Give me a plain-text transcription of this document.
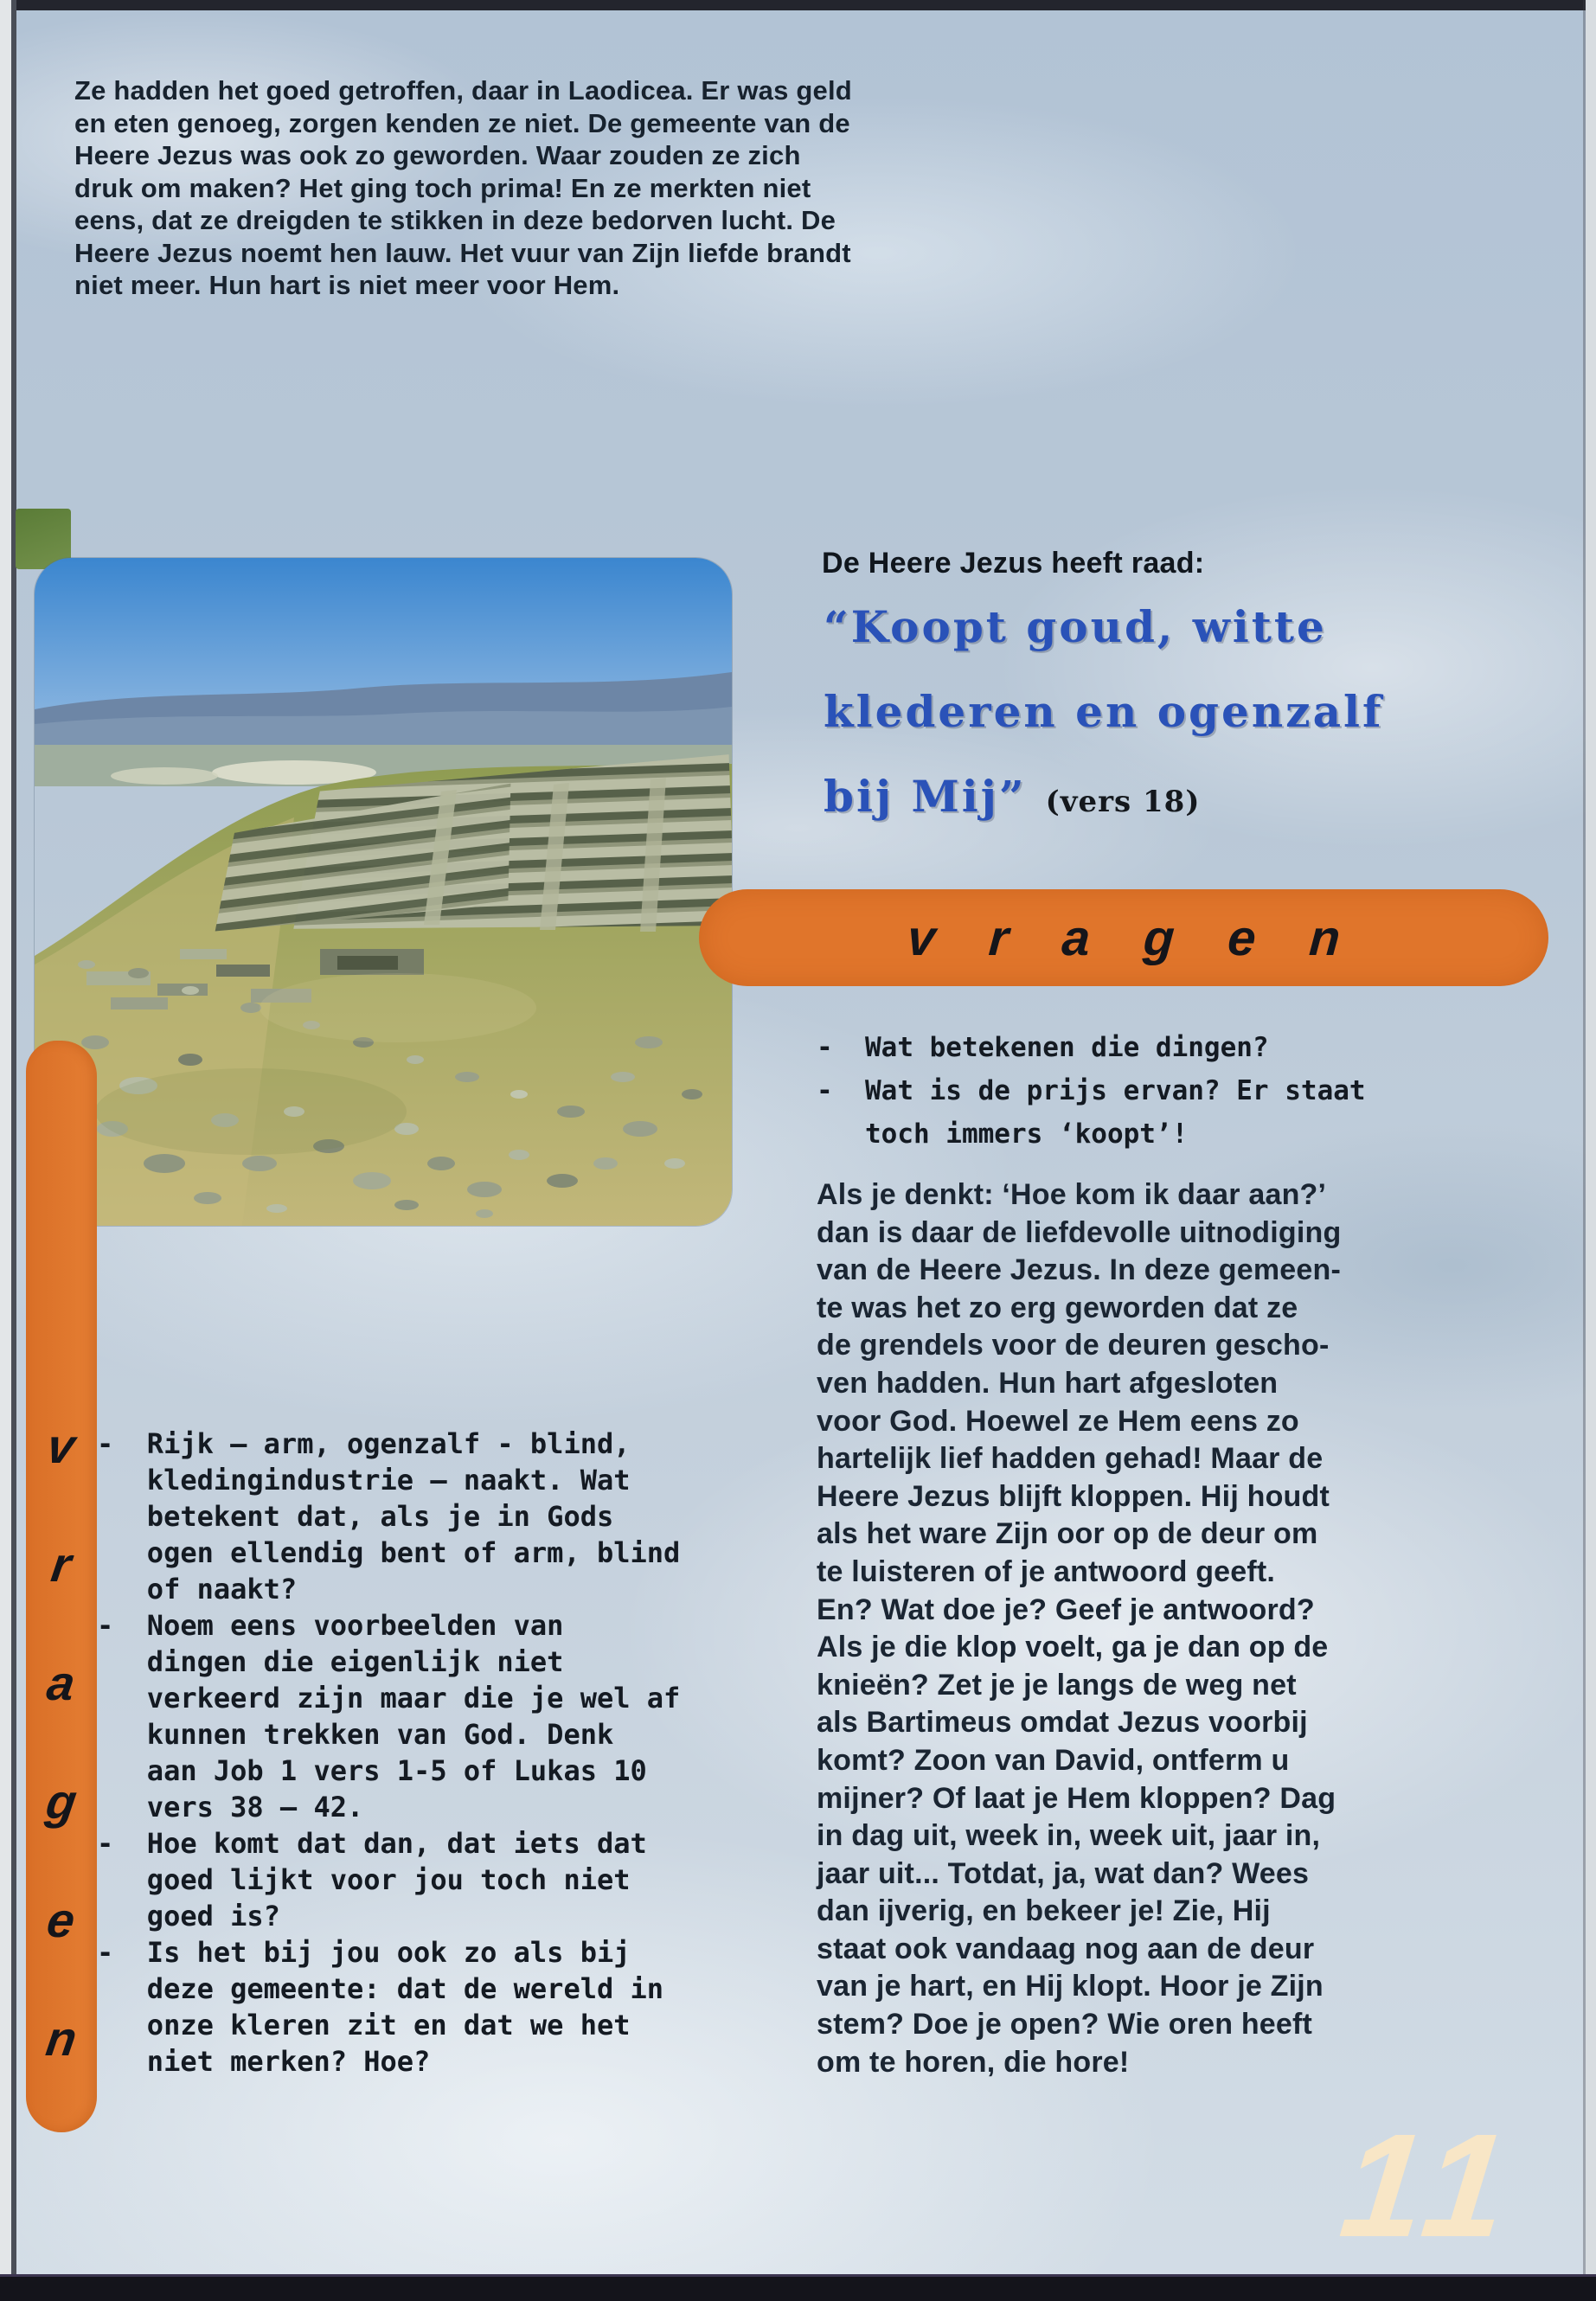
Ze hadden het goed getroffen, daar in Laodicea. Er was geld
en eten genoeg, zorgen kenden ze niet. De gemeente van de
Heere Jezus was ook zo geworden. Waar zouden ze zich
druk om maken? Het ging toch prima! En ze merkten niet
eens, dat ze dreigden te stikken in deze bedorven lucht. De
Heere Jezus noemt hen lauw. Het vuur van Zijn liefde brandt
niet meer. Hun hart is niet meer voor Hem.
De Heere Jezus heeft raad:
“Koopt goud, witte
klederen en ogenzalf
bij Mij” (vers 18)
vragen
-  Wat betekenen die dingen?
-  Wat is de prijs ervan? Er staat
toch immers ‘koopt’!
Als je denkt: ‘Hoe kom ik daar aan?’
dan is daar de liefdevolle uitnodiging
van de Heere Jezus. In deze gemeen-
te was het zo erg geworden dat ze
de grendels voor de deuren gescho-
ven hadden. Hun hart afgesloten
voor God. Hoewel ze Hem eens zo
hartelijk lief hadden gehad! Maar de
Heere Jezus blijft kloppen. Hij houdt
als het ware Zijn oor op de deur om
te luisteren of je antwoord geeft.
En? Wat doe je? Geef je antwoord?
Als je die klop voelt, ga je dan op de
knieën? Zet je je langs de weg net
als Bartimeus omdat Jezus voorbij
komt? Zoon van David, ontferm u
mijner? Of laat je Hem kloppen? Dag
in dag uit, week in, week uit, jaar in,
jaar uit... Totdat, ja, wat dan? Wees
dan ijverig, en bekeer je! Zie, Hij
staat ook vandaag nog aan de deur
van je hart, en Hij klopt. Hoor je Zijn
stem? Doe je open? Wie oren heeft
om te horen, die hore!
-  Rijk – arm, ogenzalf - blind,
kledingindustrie – naakt. Wat
betekent dat, als je in Gods
ogen ellendig bent of arm, blind
of naakt?
-  Noem eens voorbeelden van
dingen die eigenlijk niet
verkeerd zijn maar die je wel af
kunnen trekken van God. Denk
aan Job 1 vers 1-5 of Lukas 10
vers 38 – 42.
-  Hoe komt dat dan, dat iets dat
goed lijkt voor jou toch niet
goed is?
-  Is het bij jou ook zo als bij
deze gemeente: dat de wereld in
onze kleren zit en dat we het
niet merken? Hoe?
v
r
a
g
e
n
11
